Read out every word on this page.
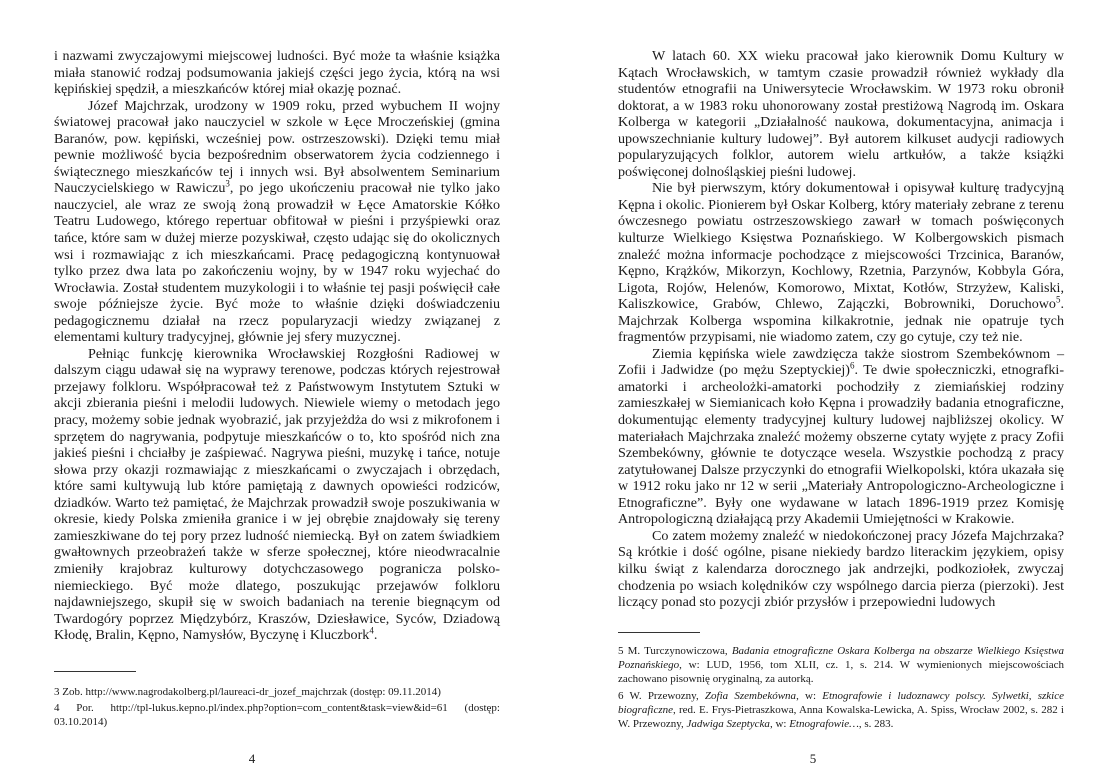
i nazwami zwyczajowymi miejscowej ludności. Być może ta właśnie książka miała stanowić rodzaj podsumowania jakiejś części jego życia, którą na wsi kępińskiej spędził, a mieszkańców której miał okazję poznać.

Józef Majchrzak, urodzony w 1909 roku, przed wybuchem II wojny światowej pracował jako nauczyciel w szkole w Łęce Mroczeńskiej (gmina Baranów, pow. kępiński, wcześniej pow. ostrzeszowski). Dzięki temu miał pewnie możliwość bycia bezpośrednim obserwatorem życia codziennego i świątecznego mieszkańców tej i innych wsi. Był absolwentem Seminarium Nauczycielskiego w Rawiczu$^3$, po jego ukończeniu pracował nie tylko jako nauczyciel, ale wraz ze swoją żoną prowadził w Łęce Amatorskie Kółko Teatru Ludowego, którego repertuar obfitował w pieśni i przyśpiewki oraz tańce, które sam w dużej mierze pozyskiwał, często udając się do okolicznych wsi i rozmawiając z ich mieszkańcami. Pracę pedagogiczną kontynuował tylko przez dwa lata po zakończeniu wojny, by w 1947 roku wyjechać do Wrocławia. Został studentem muzykologii i to właśnie tej pasji poświęcił całe swoje późniejsze życie. Być może to właśnie dzięki doświadczeniu pedagogicznemu działał na rzecz popularyzacji wiedzy związanej z elementami kultury tradycyjnej, głównie jej sfery muzycznej.

Pełniąc funkcję kierownika Wrocławskiej Rozgłośni Radiowej w dalszym ciągu udawał się na wyprawy terenowe, podczas których rejestrował przejawy folkloru. Współpracował też z Państwowym Instytutem Sztuki w akcji zbierania pieśni i melodii ludowych. Niewiele wiemy o metodach jego pracy, możemy sobie jednak wyobrazić, jak przyjeżdża do wsi z mikrofonem i sprzętem do nagrywania, podpytuje mieszkańców o to, kto spośród nich zna jakieś pieśni i chciałby je zaśpiewać. Nagrywa pieśni, muzykę i tańce, notuje słowa przy okazji rozmawiając z mieszkańcami o zwyczajach i obrzędach, które sami kultywują lub które pamiętają z dawnych opowieści rodziców, dziadków. Warto też pamiętać, że Majchrzak prowadził swoje poszukiwania w okresie, kiedy Polska zmieniła granice i w jej obrębie znajdowały się tereny zamieszkiwane do tej pory przez ludność niemiecką. Był on zatem świadkiem gwałtownych przeobrażeń także w sferze społecznej, które nieodwracalnie zmieniły krajobraz kulturowy dotychczasowego pogranicza polsko-niemieckiego. Być może dlatego, poszukując przejawów folkloru najdawniejszego, skupił się w swoich badaniach na terenie biegnącym od Twardogóry poprzez Międzybórz, Kraszów, Dziesławice, Syców, Dziadową Kłodę, Bralin, Kępno, Namysłów, Byczynę i Kluczbork$^4$.

3 Zob. http://www.nagrodakolberg.pl/laureaci-dr_jozef_majchrzak (dostęp: 09.11.2014)

4 Por. http://tpl-lukus.kepno.pl/index.php?option=com_content&task=view&id=61 (dostęp: 03.10.2014)

4

W latach 60. XX wieku pracował jako kierownik Domu Kultury w Kątach Wrocławskich, w tamtym czasie prowadził również wykłady dla studentów etnografii na Uniwersytecie Wrocławskim. W 1973 roku obronił doktorat, a w 1983 roku uhonorowany został prestiżową Nagrodą im. Oskara Kolberga w kategorii „Działalność naukowa, dokumentacyjna, animacja i upowszechnianie kultury ludowej”. Był autorem kilkuset audycji radiowych popularyzujących folklor, autorem wielu artkułów, a także książki poświęconej dolnośląskiej pieśni ludowej.

Nie był pierwszym, który dokumentował i opisywał kulturę tradycyjną Kępna i okolic. Pionierem był Oskar Kolberg, który materiały zebrane z terenu ówczesnego powiatu ostrzeszowskiego zawarł w tomach poświęconych kulturze Wielkiego Księstwa Poznańskiego. W Kolbergowskich pismach znaleźć można informacje pochodzące z miejscowości Trzcinica, Baranów, Kępno, Krążków, Mikorzyn, Kochlowy, Rzetnia, Parzynów, Kobbyla Góra, Ligota, Rojów, Helenów, Komorowo, Mixtat, Kotłów, Strzyżew, Kaliski, Kaliszkowice, Grabów, Chlewo, Zajączki, Bobrowniki, Doruchowo$^5$. Majchrzak Kolberga wspomina kilkakrotnie, jednak nie opatruje tych fragmentów przypisami, nie wiadomo zatem, czy go cytuje, czy też nie.

Ziemia kępińska wiele zawdzięcza także siostrom Szembekównom – Zofii i Jadwidze (po mężu Szeptyckiej)$^6$. Te dwie społeczniczki, etnografki-amatorki i archeolożki-amatorki pochodziły z ziemiańskiej rodziny zamieszkałej w Siemianicach koło Kępna i prowadziły badania etnograficzne, dokumentując elementy tradycyjnej kultury ludowej najbliższej okolicy. W materiałach Majchrzaka znaleźć możemy obszerne cytaty wyjęte z pracy Zofii Szembekówny, głównie te dotyczące wesela. Wszystkie pochodzą z pracy zatytułowanej Dalsze przyczynki do etnografii Wielkopolski, która ukazała się w 1912 roku jako nr 12 w serii „Materiały Antropologiczno-Archeologiczne i Etnograficzne”. Były one wydawane w latach 1896-1919 przez Komisję Antropologiczną działającą przy Akademii Umiejętności w Krakowie.

Co zatem możemy znaleźć w niedokończonej pracy Józefa Majchrzaka? Są krótkie i dość ogólne, pisane niekiedy bardzo literackim językiem, opisy kilku świąt z kalendarza dorocznego jak andrzejki, podkoziołek, zwyczaj chodzenia po wsiach kolędników czy wspólnego darcia pierza (pierzoki). Jest liczący ponad sto pozycji zbiór przysłów i przepowiedni ludowych

5 M. Turczynowiczowa, Badania etnograficzne Oskara Kolberga na obszarze Wielkiego Księstwa Poznańskiego, w: LUD, 1956, tom XLII, cz. 1, s. 214. W wymienionych miejscowościach zachowano pisownię oryginalną, za autorką.

6 W. Przewozny, Zofia Szembekówna, w: Etnografowie i ludoznawcy polscy. Sylwetki, szkice biograficzne, red. E. Frys-Pietraszkowa, Anna Kowalska-Lewicka, A. Spiss, Wrocław 2002, s. 282 i W. Przewozny, Jadwiga Szeptycka, w: Etnografowie…, s. 283.

5
